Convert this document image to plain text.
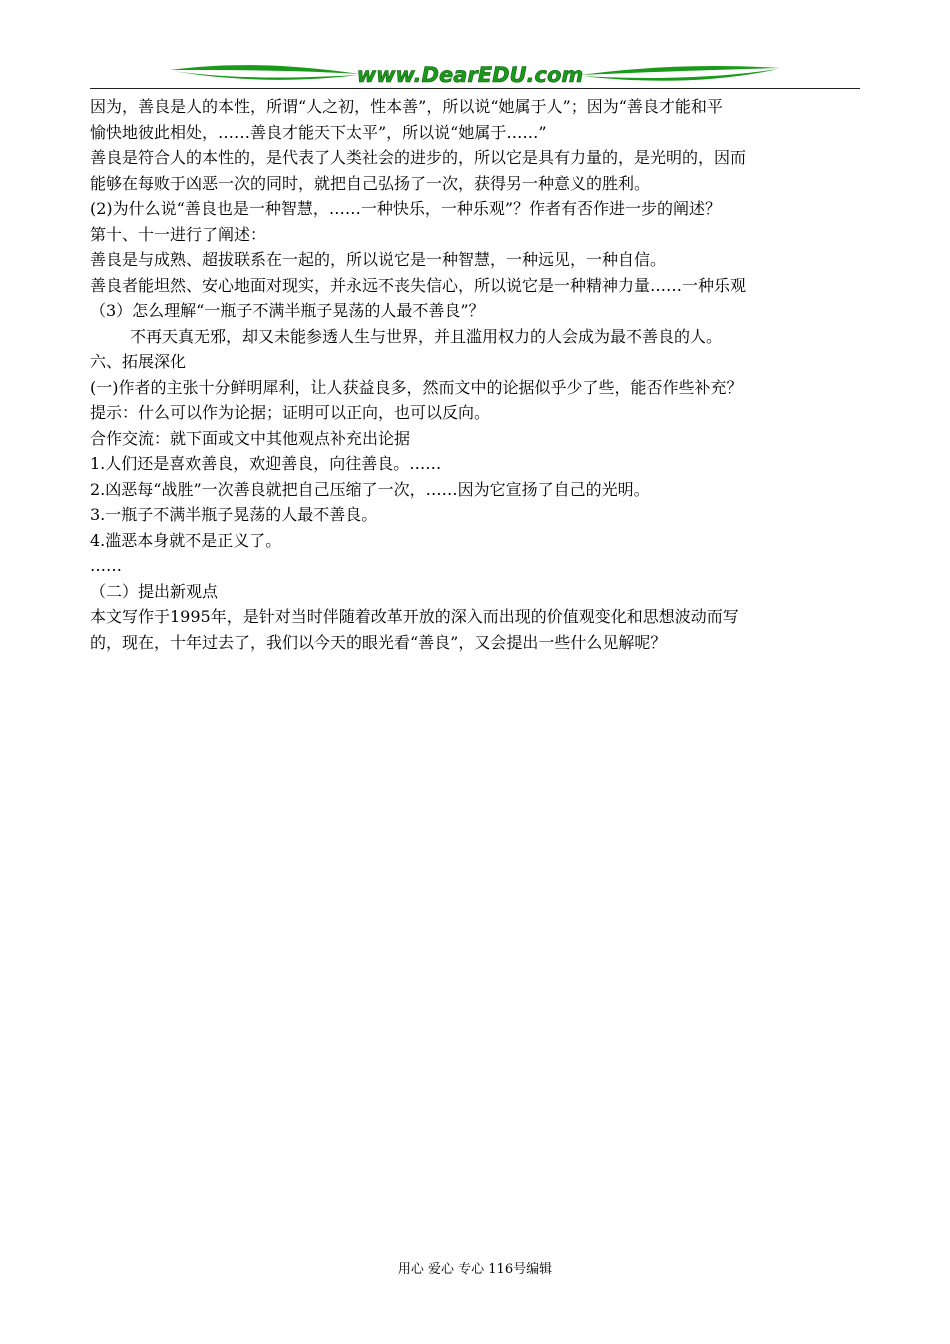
www.DearEDU.com

因为，善良是人的本性，所谓“人之初，性本善”，所以说“她属于人”；因为“善良才能和平

愉快地彼此相处，……善良才能天下太平”，所以说“她属于……”

善良是符合人的本性的，是代表了人类社会的进步的，所以它是具有力量的，是光明的，因而

能够在每败于凶恶一次的同时，就把自己弘扬了一次，获得另一种意义的胜利。

(2)为什么说“善良也是一种智慧，……一种快乐，一种乐观”？作者有否作进一步的阐述？

第十、十一进行了阐述：

善良是与成熟、超拔联系在一起的，所以说它是一种智慧，一种远见，一种自信。

善良者能坦然、安心地面对现实，并永远不丧失信心，所以说它是一种精神力量……一种乐观

（3）怎么理解“一瓶子不满半瓶子晃荡的人最不善良”？

不再天真无邪，却又未能参透人生与世界，并且滥用权力的人会成为最不善良的人。

六、拓展深化

(一)作者的主张十分鲜明犀利，让人获益良多，然而文中的论据似乎少了些，能否作些补充？

提示：什么可以作为论据；证明可以正向，也可以反向。

合作交流：就下面或文中其他观点补充出论据

1.人们还是喜欢善良，欢迎善良，向往善良。……

2.凶恶每“战胜”一次善良就把自己压缩了一次，……因为它宣扬了自己的光明。

3.一瓶子不满半瓶子晃荡的人最不善良。

4.滥恶本身就不是正义了。

……

（二）提出新观点

本文写作于1995年，是针对当时伴随着改革开放的深入而出现的价值观变化和思想波动而写

的，现在，十年过去了，我们以今天的眼光看“善良”，又会提出一些什么见解呢？

用心 爱心 专心 116号编辑
